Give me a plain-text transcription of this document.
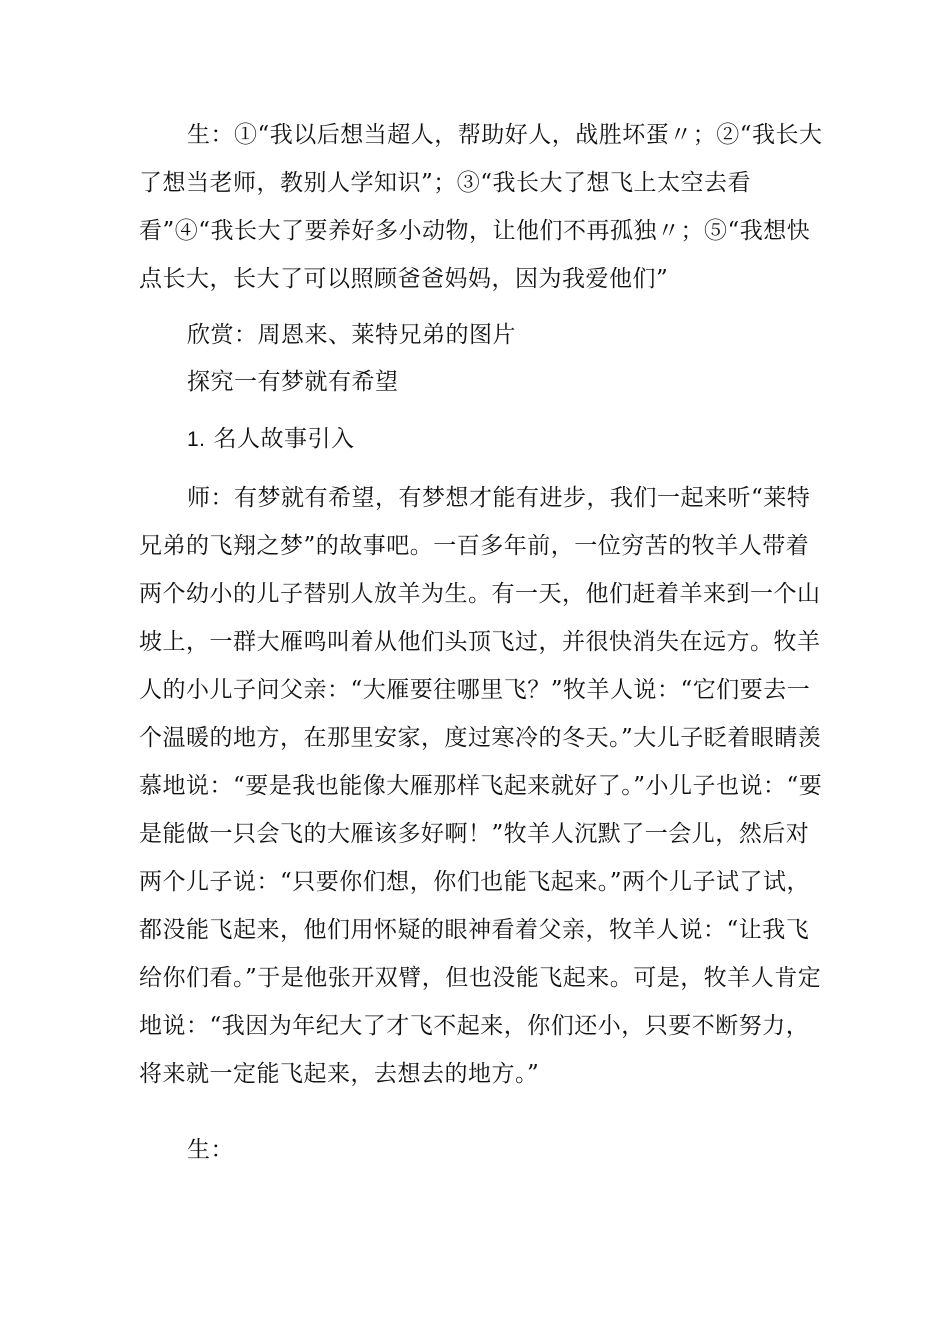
生：①“我以后想当超人，帮助好人，战胜坏蛋〃；②“我长大了想当老师，教别人学知识”；③“我长大了想飞上太空去看看”④“我长大了要养好多小动物，让他们不再孤独〃；⑤“我想快点长大，长大了可以照顾爸爸妈妈，因为我爱他们”

欣赏：周恩来、莱特兄弟的图片

探究一有梦就有希望

1. 名人故事引入

师：有梦就有希望，有梦想才能有进步，我们一起来听“莱特兄弟的飞翔之梦”的故事吧。一百多年前，一位穷苦的牧羊人带着两个幼小的儿子替别人放羊为生。有一天，他们赶着羊来到一个山坡上，一群大雁鸣叫着从他们头顶飞过，并很快消失在远方。牧羊人的小儿子问父亲：“大雁要往哪里飞？”牧羊人说：“它们要去一个温暖的地方，在那里安家，度过寒冷的冬天。”大儿子眨着眼睛羡慕地说：“要是我也能像大雁那样飞起来就好了。”小儿子也说：“要是能做一只会飞的大雁该多好啊！”牧羊人沉默了一会儿，然后对两个儿子说：“只要你们想，你们也能飞起来。”两个儿子试了试，都没能飞起来，他们用怀疑的眼神看着父亲，牧羊人说：“让我飞给你们看。”于是他张开双臂，但也没能飞起来。可是，牧羊人肯定地说：“我因为年纪大了才飞不起来，你们还小，只要不断努力，将来就一定能飞起来，去想去的地方。”

生：
